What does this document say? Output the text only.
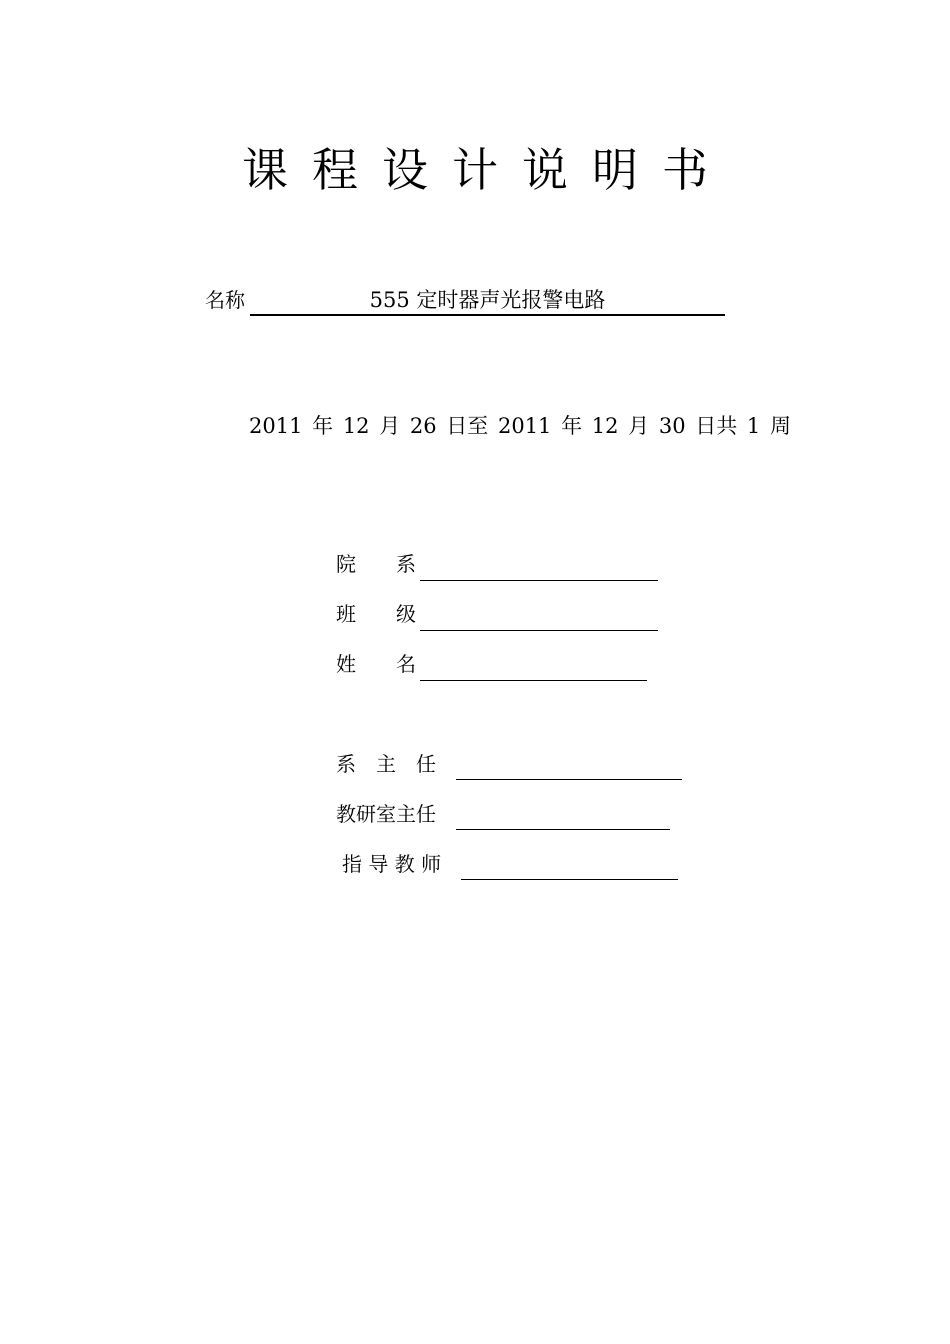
课程设计说明书
名称	555 定时器声光报警电路
2011 年 12 月 26 日至 2011 年 12 月 30 日共 1 周
院　　系
班　　级
姓　　名
系　主　任
教研室主任
指 导 教 师
